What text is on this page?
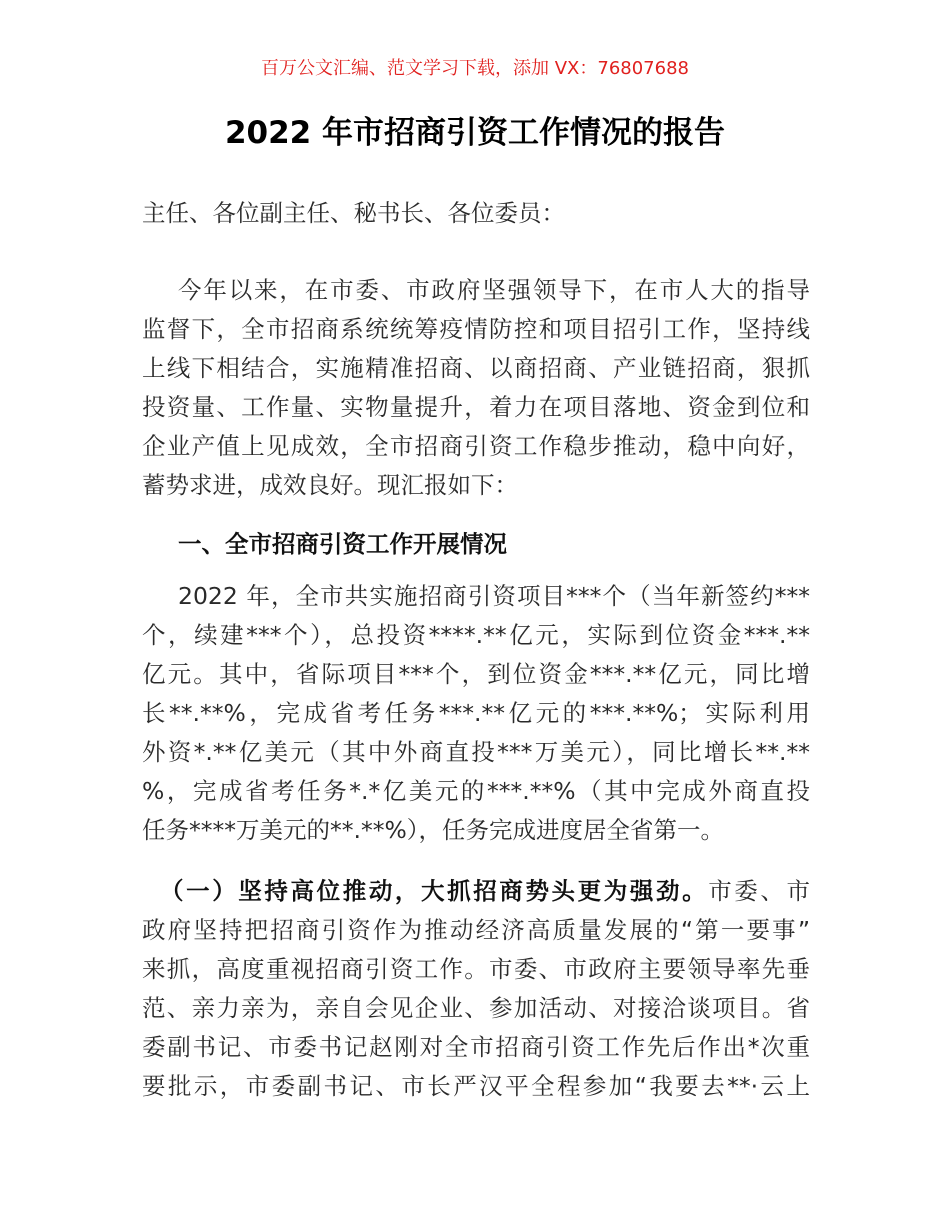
百万公文汇编、范文学习下载，添加 VX：76807688
2022 年市招商引资工作情况的报告
主任、各位副主任、秘书长、各位委员：
今年以来，在市委、市政府坚强领导下，在市人大的指导
监督下，全市招商系统统筹疫情防控和项目招引工作，坚持线
上线下相结合，实施精准招商、以商招商、产业链招商，狠抓
投资量、工作量、实物量提升，着力在项目落地、资金到位和
企业产值上见成效，全市招商引资工作稳步推动，稳中向好，
蓄势求进，成效良好。现汇报如下：
一、全市招商引资工作开展情况
2022 年，全市共实施招商引资项目***个（当年新签约***
个，续建***个），总投资****.**亿元，实际到位资金***.**
亿元。其中，省际项目***个，到位资金***.**亿元，同比增
长**.**%，完成省考任务***.**亿元的***.**%；实际利用
外资*.**亿美元（其中外商直投***万美元），同比增长**.**
%，完成省考任务*.*亿美元的***.**%（其中完成外商直投
任务****万美元的**.**%），任务完成进度居全省第一。
（一）坚持高位推动，大抓招商势头更为强劲。市委、市
政府坚持把招商引资作为推动经济高质量发展的“第一要事”
来抓，高度重视招商引资工作。市委、市政府主要领导率先垂
范、亲力亲为，亲自会见企业、参加活动、对接洽谈项目。省
委副书记、市委书记赵刚对全市招商引资工作先后作出*次重
要批示，市委副书记、市长严汉平全程参加“我要去**·云上
